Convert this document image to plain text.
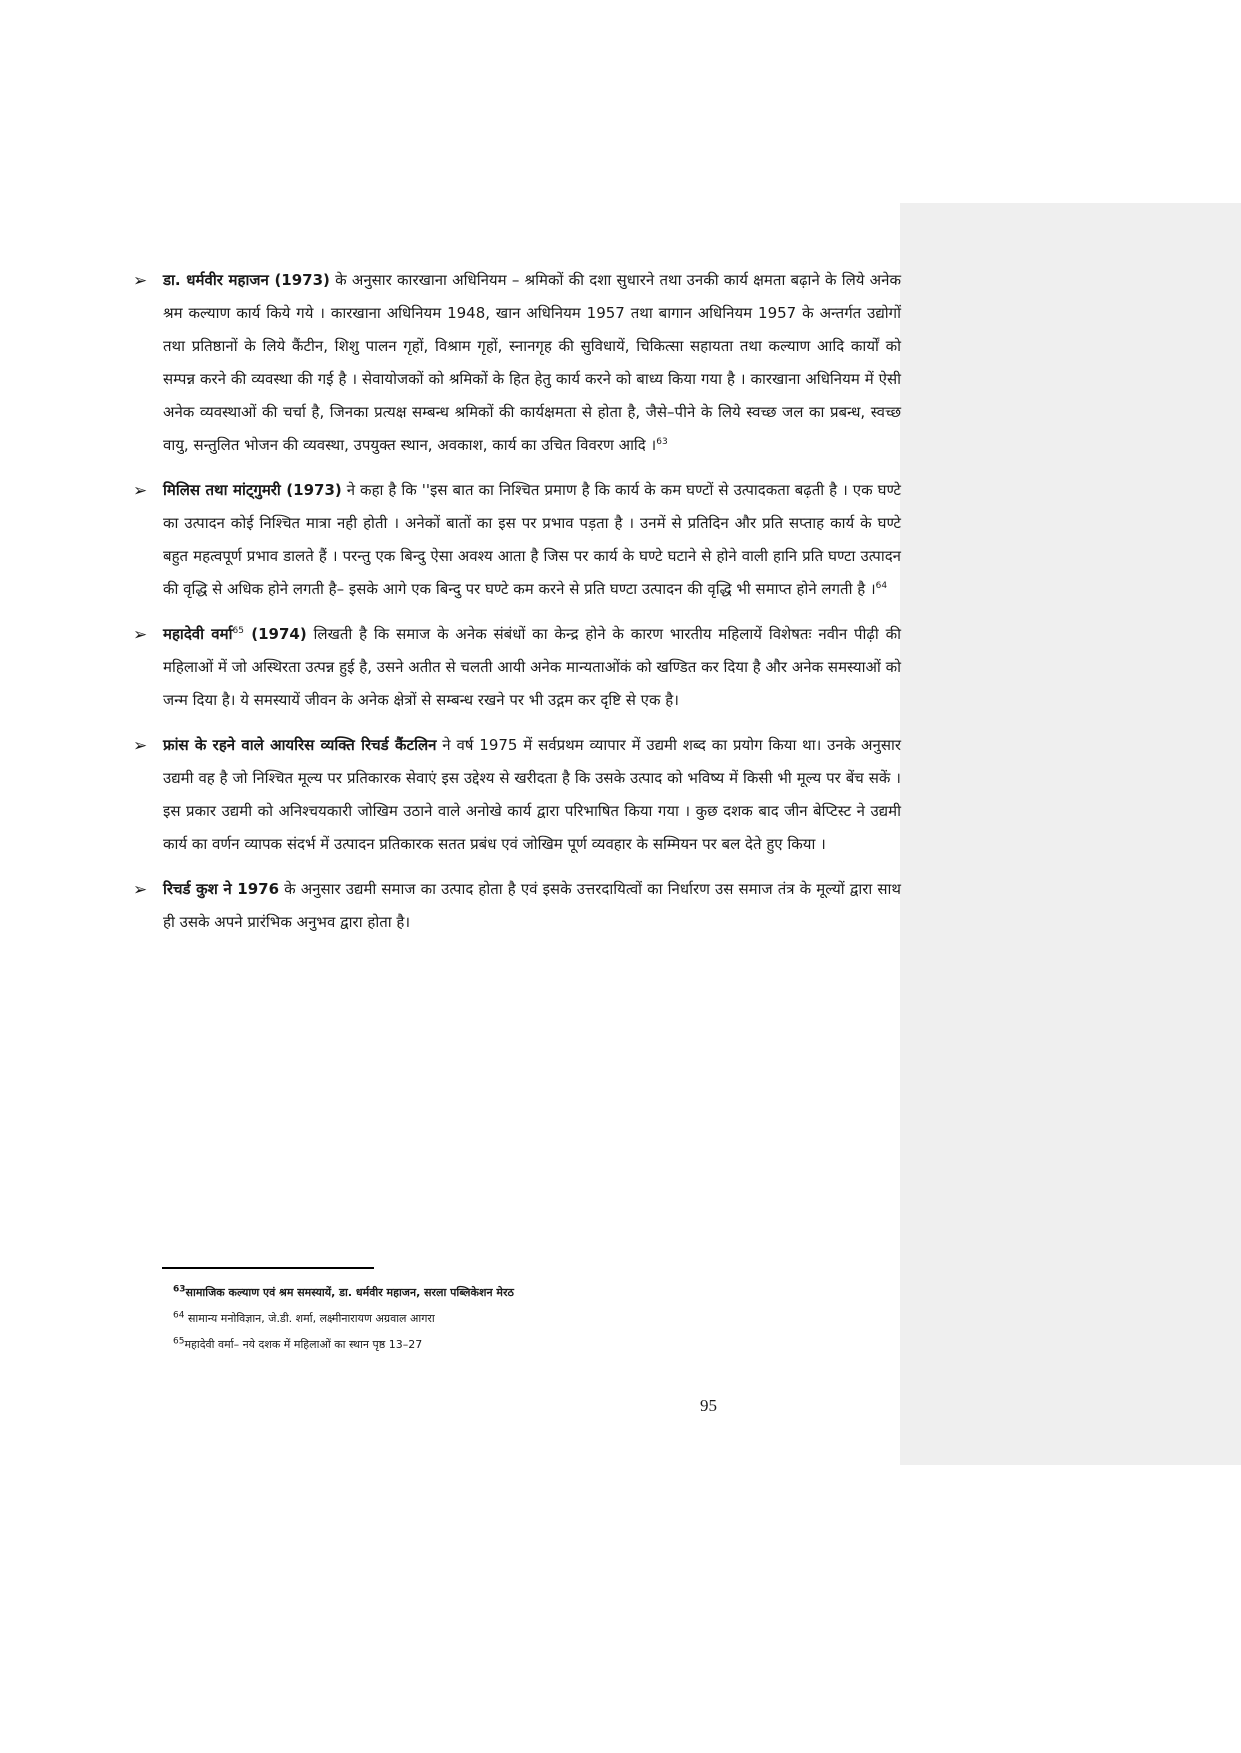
➢ डा. धर्मवीर महाजन (1973) के अनुसार कारखाना अधिनियम – श्रमिकों की दशा सुधारने तथा उनकी कार्य क्षमता बढ़ाने के लिये अनेक श्रम कल्याण कार्य किये गये । कारखाना अधिनियम 1948, खान अधिनियम 1957 तथा बागान अधिनियम 1957 के अन्तर्गत उद्योगों तथा प्रतिष्ठानों के लिये कैंटीन, शिशु पालन गृहों, विश्राम गृहों, स्नानगृह की सुविधायें, चिकित्सा सहायता तथा कल्याण आदि कार्यों को सम्पन्न करने की व्यवस्था की गई है । सेवायोजकों को श्रमिकों के हित हेतु कार्य करने को बाध्य किया गया है । कारखाना अधिनियम में ऐसी अनेक व्यवस्थाओं की चर्चा है, जिनका प्रत्यक्ष सम्बन्ध श्रमिकों की कार्यक्षमता से होता है, जैसे–पीने के लिये स्वच्छ जल का प्रबन्ध, स्वच्छ वायु, सन्तुलित भोजन की व्यवस्था, उपयुक्त स्थान, अवकाश, कार्य का उचित विवरण आदि ।$^{63}$

➢ मिलिस तथा मांट्गुमरी (1973) ने कहा है कि ''इस बात का निश्चित प्रमाण है कि कार्य के कम घण्टों से उत्पादकता बढ़ती है । एक घण्टे का उत्पादन कोई निश्चित मात्रा नही होती । अनेकों बातों का इस पर प्रभाव पड़ता है । उनमें से प्रतिदिन और प्रति सप्ताह कार्य के घण्टे बहुत महत्वपूर्ण प्रभाव डालते हैं । परन्तु एक बिन्दु ऐसा अवश्य आता है जिस पर कार्य के घण्टे घटाने से होने वाली हानि प्रति घण्टा उत्पादन की वृद्धि से अधिक होने लगती है– इसके आगे एक बिन्दु पर घण्टे कम करने से प्रति घण्टा उत्पादन की वृद्धि भी समाप्त होने लगती है ।$^{64}$

➢ महादेवी वर्मा$^{65}$ (1974) लिखती है कि समाज के अनेक संबंधों का केन्द्र होने के कारण भारतीय महिलायें विशेषतः नवीन पीढ़ी की महिलाओं में जो अस्थिरता उत्पन्न हुई है, उसने अतीत से चलती आयी अनेक मान्यताओंकं को खण्डित कर दिया है और अनेक समस्याओं को जन्म दिया है। ये समस्यायें जीवन के अनेक क्षेत्रों से सम्बन्ध रखने पर भी उद्गम कर दृष्टि से एक है।

➢ फ्रांस के रहने वाले आयरिस व्यक्ति रिचर्ड कैंटलिन ने वर्ष 1975 में सर्वप्रथम व्यापार में उद्यमी शब्द का प्रयोग किया था। उनके अनुसार उद्यमी वह है जो निश्चित मूल्य पर प्रतिकारक सेवाएं इस उद्देश्य से खरीदता है कि उसके उत्पाद को भविष्य में किसी भी मूल्य पर बेंच सकें । इस प्रकार उद्यमी को अनिश्चयकारी जोखिम उठाने वाले अनोखे कार्य द्वारा परिभाषित किया गया । कुछ दशक बाद जीन बेप्टिस्ट ने उद्यमी कार्य का वर्णन व्यापक संदर्भ में उत्पादन प्रतिकारक सतत प्रबंध एवं जोखिम पूर्ण व्यवहार के सम्मियन पर बल देते हुए किया ।

➢ रिचर्ड कुश ने 1976 के अनुसार उद्यमी समाज का उत्पाद होता है एवं इसके उत्तरदायित्वों का निर्धारण उस समाज तंत्र के मूल्यों द्वारा साथ ही उसके अपने प्रारंभिक अनुभव द्वारा होता है।

$^{63}$सामाजिक कल्याण एवं श्रम समस्यायें, डा. धर्मवीर महाजन, सरला पब्लिकेशन मेरठ

$^{64}$ सामान्य मनोविज्ञान, जे.डी. शर्मा, लक्ष्मीनारायण अग्रवाल आगरा

$^{65}$महादेवी वर्मा– नये दशक में महिलाओं का स्थान पृष्ठ 13–27

95
